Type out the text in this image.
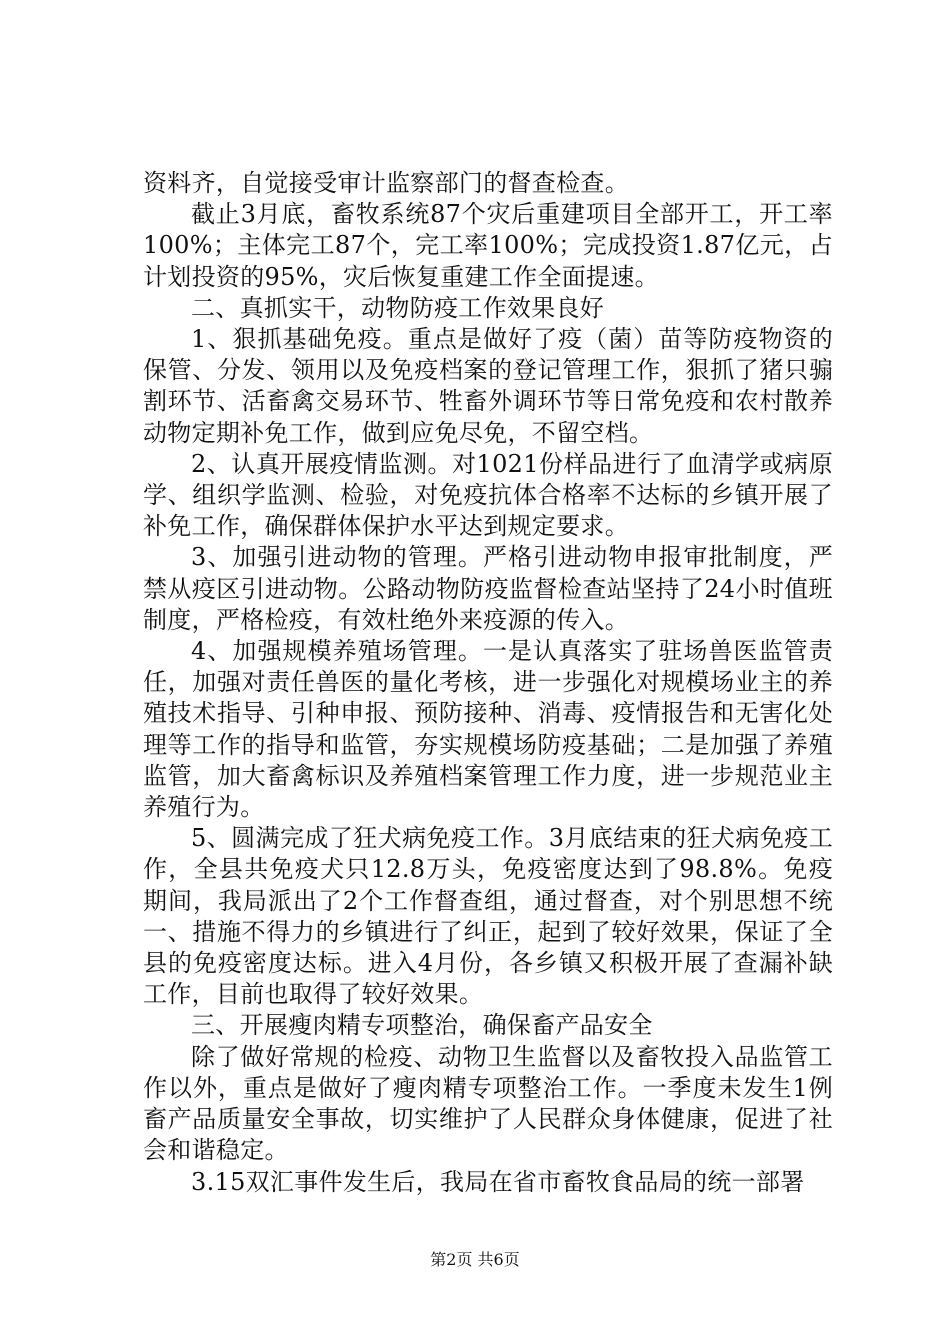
资料齐，自觉接受审计监察部门的督查检查。

截止3月底，畜牧系统87个灾后重建项目全部开工，开工率100%；主体完工87个，完工率100%；完成投资1.87亿元，占计划投资的95%，灾后恢复重建工作全面提速。

二、真抓实干，动物防疫工作效果良好

1、狠抓基础免疫。重点是做好了疫（菌）苗等防疫物资的保管、分发、领用以及免疫档案的登记管理工作，狠抓了猪只骟割环节、活畜禽交易环节、牲畜外调环节等日常免疫和农村散养动物定期补免工作，做到应免尽免，不留空档。

2、认真开展疫情监测。对1021份样品进行了血清学或病原学、组织学监测、检验，对免疫抗体合格率不达标的乡镇开展了补免工作，确保群体保护水平达到规定要求。

3、加强引进动物的管理。严格引进动物申报审批制度，严禁从疫区引进动物。公路动物防疫监督检查站坚持了24小时值班制度，严格检疫，有效杜绝外来疫源的传入。

4、加强规模养殖场管理。一是认真落实了驻场兽医监管责任，加强对责任兽医的量化考核，进一步强化对规模场业主的养殖技术指导、引种申报、预防接种、消毒、疫情报告和无害化处理等工作的指导和监管，夯实规模场防疫基础；二是加强了养殖监管，加大畜禽标识及养殖档案管理工作力度，进一步规范业主养殖行为。

5、圆满完成了狂犬病免疫工作。3月底结束的狂犬病免疫工作，全县共免疫犬只12.8万头，免疫密度达到了98.8%。免疫期间，我局派出了2个工作督查组，通过督查，对个别思想不统一、措施不得力的乡镇进行了纠正，起到了较好效果，保证了全县的免疫密度达标。进入4月份，各乡镇又积极开展了查漏补缺工作，目前也取得了较好效果。

三、开展瘦肉精专项整治，确保畜产品安全

除了做好常规的检疫、动物卫生监督以及畜牧投入品监管工作以外，重点是做好了瘦肉精专项整治工作。一季度未发生1例畜产品质量安全事故，切实维护了人民群众身体健康，促进了社会和谐稳定。

3.15双汇事件发生后，我局在省市畜牧食品局的统一部署

第2页 共6页
